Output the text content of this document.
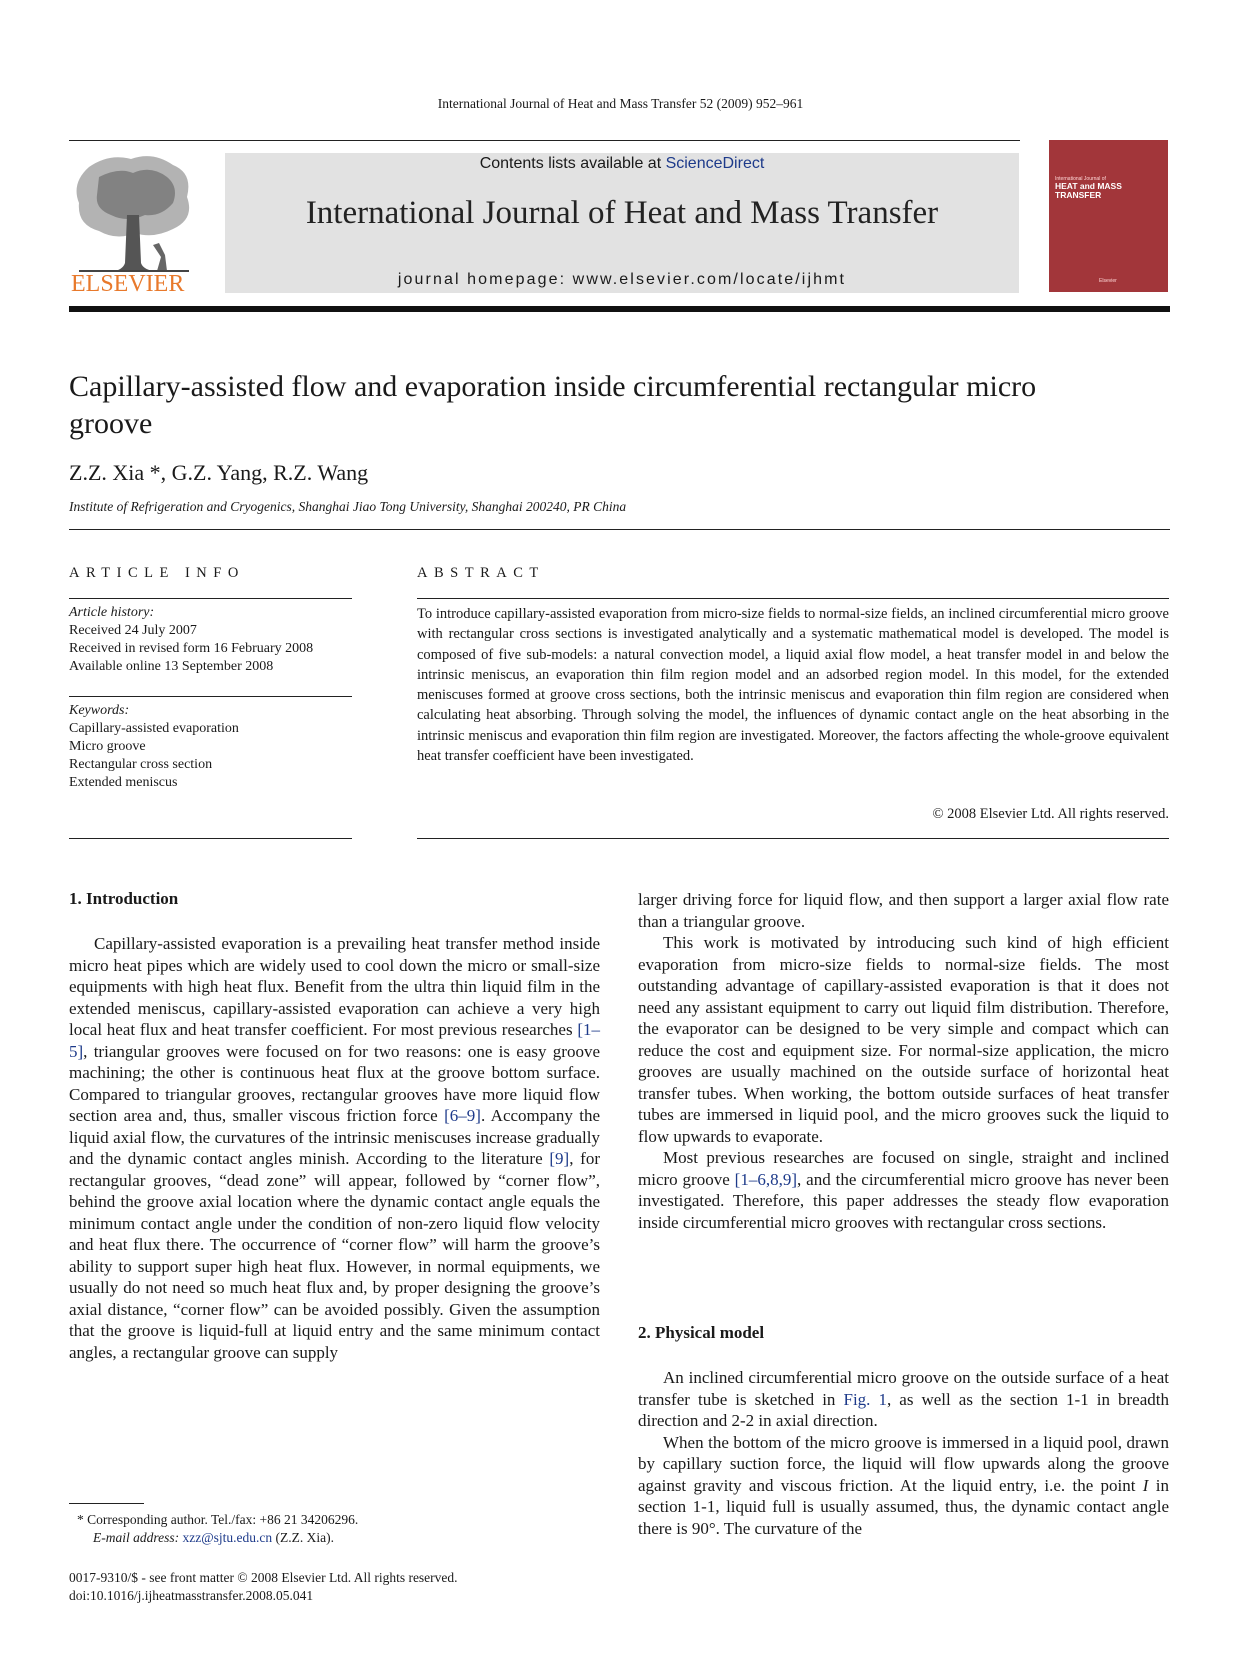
International Journal of Heat and Mass Transfer 52 (2009) 952–961
ELSEVIER
Contents lists available at ScienceDirect
International Journal of Heat and Mass Transfer
journal homepage: www.elsevier.com/locate/ijhmt
International Journal of
HEAT and MASS TRANSFER
Elsevier
Capillary-assisted flow and evaporation inside circumferential rectangular micro groove
Z.Z. Xia *, G.Z. Yang, R.Z. Wang
Institute of Refrigeration and Cryogenics, Shanghai Jiao Tong University, Shanghai 200240, PR China
ARTICLE INFO
Article history:
Received 24 July 2007
Received in revised form 16 February 2008
Available online 13 September 2008
Keywords:
Capillary-assisted evaporation
Micro groove
Rectangular cross section
Extended meniscus
ABSTRACT
To introduce capillary-assisted evaporation from micro-size fields to normal-size fields, an inclined circumferential micro groove with rectangular cross sections is investigated analytically and a systematic mathematical model is developed. The model is composed of five sub-models: a natural convection model, a liquid axial flow model, a heat transfer model in and below the intrinsic meniscus, an evaporation thin film region model and an adsorbed region model. In this model, for the extended meniscuses formed at groove cross sections, both the intrinsic meniscus and evaporation thin film region are considered when calculating heat absorbing. Through solving the model, the influences of dynamic contact angle on the heat absorbing in the intrinsic meniscus and evaporation thin film region are investigated. Moreover, the factors affecting the whole-groove equivalent heat transfer coefficient have been investigated.
© 2008 Elsevier Ltd. All rights reserved.
1. Introduction

Capillary-assisted evaporation is a prevailing heat transfer method inside micro heat pipes which are widely used to cool down the micro or small-size equipments with high heat flux. Benefit from the ultra thin liquid film in the extended meniscus, capillary-assisted evaporation can achieve a very high local heat flux and heat transfer coefficient. For most previous researches [1–5], triangular grooves were focused on for two reasons: one is easy groove machining; the other is continuous heat flux at the groove bottom surface. Compared to triangular grooves, rectangular grooves have more liquid flow section area and, thus, smaller viscous friction force [6–9]. Accompany the liquid axial flow, the curvatures of the intrinsic meniscuses increase gradually and the dynamic contact angles minish. According to the literature [9], for rectangular grooves, “dead zone” will appear, followed by “corner flow”, behind the groove axial location where the dynamic contact angle equals the minimum contact angle under the condition of non-zero liquid flow velocity and heat flux there. The occurrence of “corner flow” will harm the groove’s ability to support super high heat flux. However, in normal equipments, we usually do not need so much heat flux and, by proper designing the groove’s axial distance, “corner flow” can be avoided possibly. Given the assumption that the groove is liquid-full at liquid entry and the same minimum contact angles, a rectangular groove can supply

larger driving force for liquid flow, and then support a larger axial flow rate than a triangular groove.

This work is motivated by introducing such kind of high efficient evaporation from micro-size fields to normal-size fields. The most outstanding advantage of capillary-assisted evaporation is that it does not need any assistant equipment to carry out liquid film distribution. Therefore, the evaporator can be designed to be very simple and compact which can reduce the cost and equipment size. For normal-size application, the micro grooves are usually machined on the outside surface of horizontal heat transfer tubes. When working, the bottom outside surfaces of heat transfer tubes are immersed in liquid pool, and the micro grooves suck the liquid to flow upwards to evaporate.

Most previous researches are focused on single, straight and inclined micro groove [1–6,8,9], and the circumferential micro groove has never been investigated. Therefore, this paper addresses the steady flow evaporation inside circumferential micro grooves with rectangular cross sections.

2. Physical model

An inclined circumferential micro groove on the outside surface of a heat transfer tube is sketched in Fig. 1, as well as the section 1-1 in breadth direction and 2-2 in axial direction.

When the bottom of the micro groove is immersed in a liquid pool, drawn by capillary suction force, the liquid will flow upwards along the groove against gravity and viscous friction. At the liquid entry, i.e. the point I in section 1-1, liquid full is usually assumed, thus, the dynamic contact angle there is 90°. The curvature of the

* Corresponding author. Tel./fax: +86 21 34206296.
E-mail address: xzz@sjtu.edu.cn (Z.Z. Xia).
0017-9310/$ - see front matter © 2008 Elsevier Ltd. All rights reserved.
doi:10.1016/j.ijheatmasstransfer.2008.05.041
